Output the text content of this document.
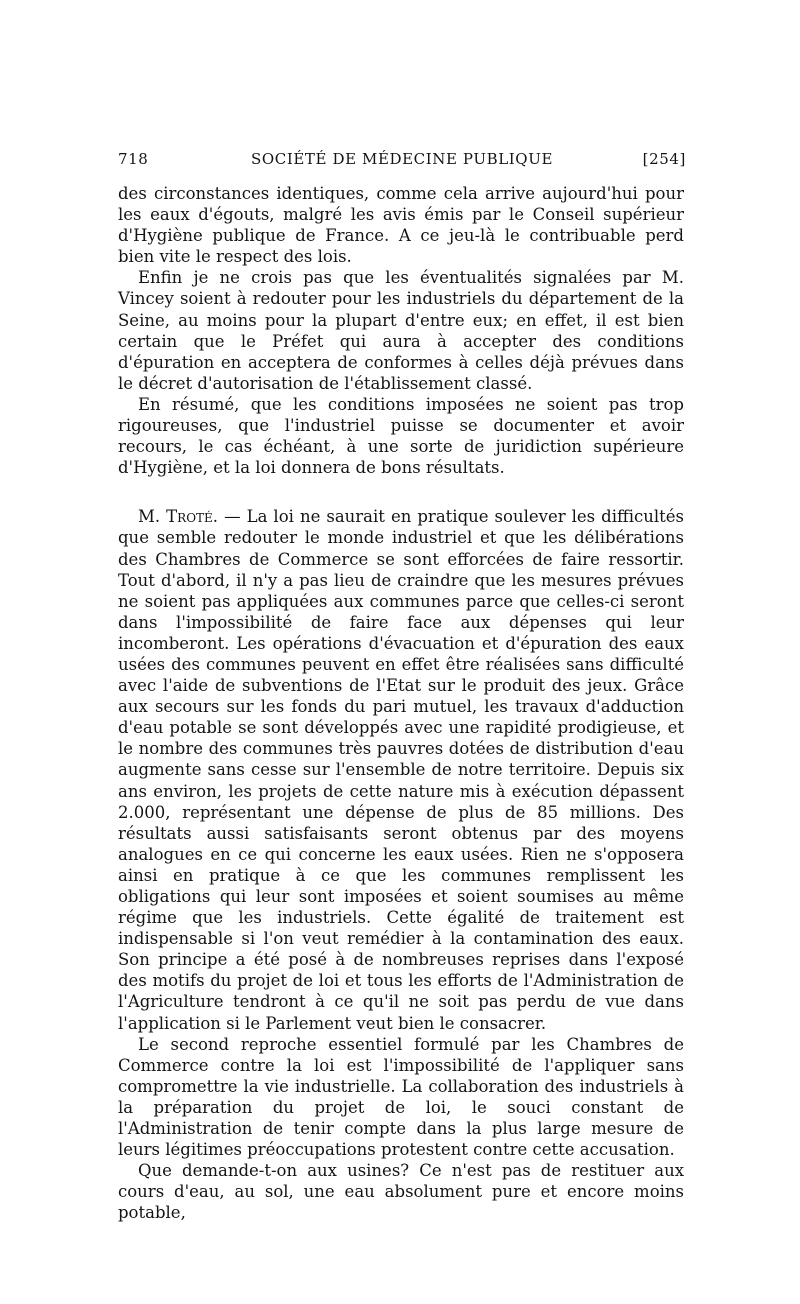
718	SOCIÉTÉ DE MÉDECINE PUBLIQUE	[254]

des circonstances identiques, comme cela arrive aujourd'hui pour les eaux d'égouts, malgré les avis émis par le Conseil supérieur d'Hygiène publique de France. A ce jeu-là le contribuable perd bien vite le respect des lois.

Enfin je ne crois pas que les éventualités signalées par M. Vincey soient à redouter pour les industriels du département de la Seine, au moins pour la plupart d'entre eux; en effet, il est bien certain que le Préfet qui aura à accepter des conditions d'épuration en acceptera de conformes à celles déjà prévues dans le décret d'autorisation de l'établissement classé.

En résumé, que les conditions imposées ne soient pas trop rigoureuses, que l'industriel puisse se documenter et avoir recours, le cas échéant, à une sorte de juridiction supérieure d'Hygiène, et la loi donnera de bons résultats.

M. Troté. — La loi ne saurait en pratique soulever les difficultés que semble redouter le monde industriel et que les délibérations des Chambres de Commerce se sont efforcées de faire ressortir. Tout d'abord, il n'y a pas lieu de craindre que les mesures prévues ne soient pas appliquées aux communes parce que celles-ci seront dans l'impossibilité de faire face aux dépenses qui leur incomberont. Les opérations d'évacuation et d'épuration des eaux usées des communes peuvent en effet être réalisées sans difficulté avec l'aide de subventions de l'Etat sur le produit des jeux. Grâce aux secours sur les fonds du pari mutuel, les travaux d'adduction d'eau potable se sont développés avec une rapidité prodigieuse, et le nombre des communes très pauvres dotées de distribution d'eau augmente sans cesse sur l'ensemble de notre territoire. Depuis six ans environ, les projets de cette nature mis à exécution dépassent 2.000, représentant une dépense de plus de 85 millions. Des résultats aussi satisfaisants seront obtenus par des moyens analogues en ce qui concerne les eaux usées. Rien ne s'opposera ainsi en pratique à ce que les communes remplissent les obligations qui leur sont imposées et soient soumises au même régime que les industriels. Cette égalité de traitement est indispensable si l'on veut remédier à la contamination des eaux. Son principe a été posé à de nombreuses reprises dans l'exposé des motifs du projet de loi et tous les efforts de l'Administration de l'Agriculture tendront à ce qu'il ne soit pas perdu de vue dans l'application si le Parlement veut bien le consacrer.

Le second reproche essentiel formulé par les Chambres de Commerce contre la loi est l'impossibilité de l'appliquer sans compromettre la vie industrielle. La collaboration des industriels à la préparation du projet de loi, le souci constant de l'Administration de tenir compte dans la plus large mesure de leurs légitimes préoccupations protestent contre cette accusation.

Que demande-t-on aux usines? Ce n'est pas de restituer aux cours d'eau, au sol, une eau absolument pure et encore moins potable,
